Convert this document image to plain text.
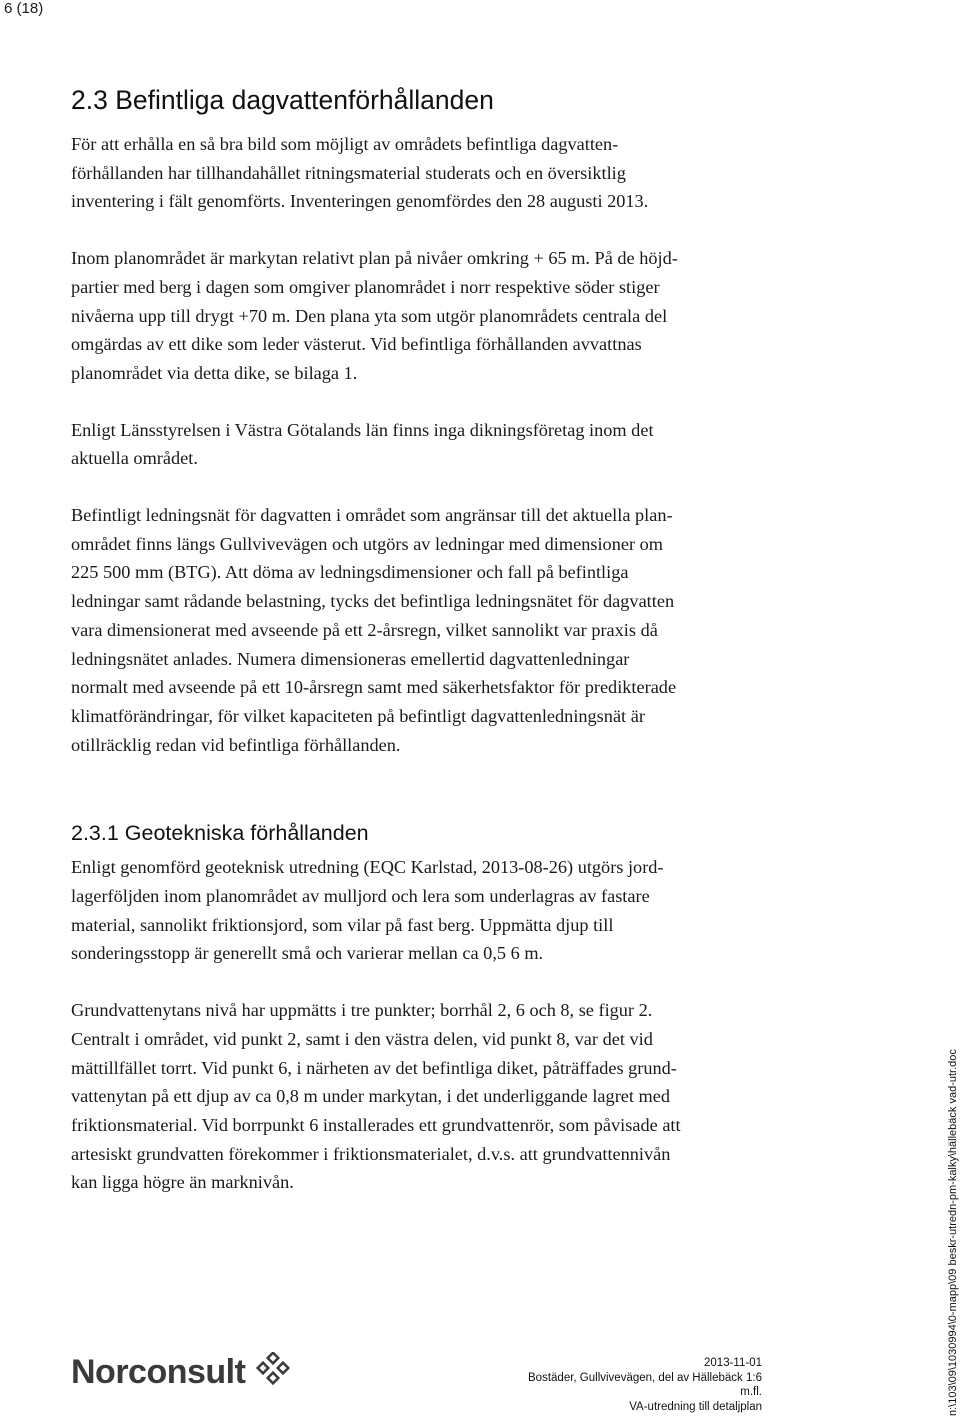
6 (18)
2.3 Befintliga dagvattenförhållanden

För att erhålla en så bra bild som möjligt av områdets befintliga dagvatten-
förhållanden har tillhandahållet ritningsmaterial studerats och en översiktlig
inventering i fält genomförts. Inventeringen genomfördes den 28 augusti 2013.

Inom planområdet är markytan relativt plan på nivåer omkring + 65 m. På de höjd-
partier med berg i dagen som omgiver planområdet i norr respektive söder stiger
nivåerna upp till drygt +70 m. Den plana yta som utgör planområdets centrala del
omgärdas av ett dike som leder västerut. Vid befintliga förhållanden avvattnas
planområdet via detta dike, se bilaga 1.

Enligt Länsstyrelsen i Västra Götalands län finns inga dikningsföretag inom det
aktuella området.

Befintligt ledningsnät för dagvatten i området som angränsar till det aktuella plan-
området finns längs Gullvivevägen och utgörs av ledningar med dimensioner om
225 500 mm (BTG). Att döma av ledningsdimensioner och fall på befintliga
ledningar samt rådande belastning, tycks det befintliga ledningsnätet för dagvatten
vara dimensionerat med avseende på ett 2-årsregn, vilket sannolikt var praxis då
ledningsnätet anlades. Numera dimensioneras emellertid dagvattenledningar
normalt med avseende på ett 10-årsregn samt med säkerhetsfaktor för predikterade
klimatförändringar, för vilket kapaciteten på befintligt dagvattenledningsnät är
otillräcklig redan vid befintliga förhållanden.

2.3.1 Geotekniska förhållanden

Enligt genomförd geoteknisk utredning (EQC Karlstad, 2013-08-26) utgörs jord-
lagerföljden inom planområdet av mulljord och lera som underlagras av fastare
material, sannolikt friktionsjord, som vilar på fast berg. Uppmätta djup till
sonderingsstopp är generellt små och varierar mellan ca 0,5 6 m.

Grundvattenytans nivå har uppmätts i tre punkter; borrhål 2, 6 och 8, se figur 2.
Centralt i området, vid punkt 2, samt i den västra delen, vid punkt 8, var det vid
mättillfället torrt. Vid punkt 6, i närheten av det befintliga diket, påträffades grund-
vattenytan på ett djup av ca 0,8 m under markytan, i det underliggande lagret med
friktionsmaterial. Vid borrpunkt 6 installerades ett grundvattenrör, som påvisade att
artesiskt grundvatten förekommer i friktionsmaterialet, d.v.s. att grundvattennivån
kan ligga högre än marknivån.	n:\103\09\1030994\0-mapp\09 beskr-utredn-pm-kalky\hällebäck vad-utr.doc
Norconsult	2013-11-01
Bostäder, Gullvivevägen, del av Hällebäck 1:6 m.fl.
VA-utredning till detaljplan
